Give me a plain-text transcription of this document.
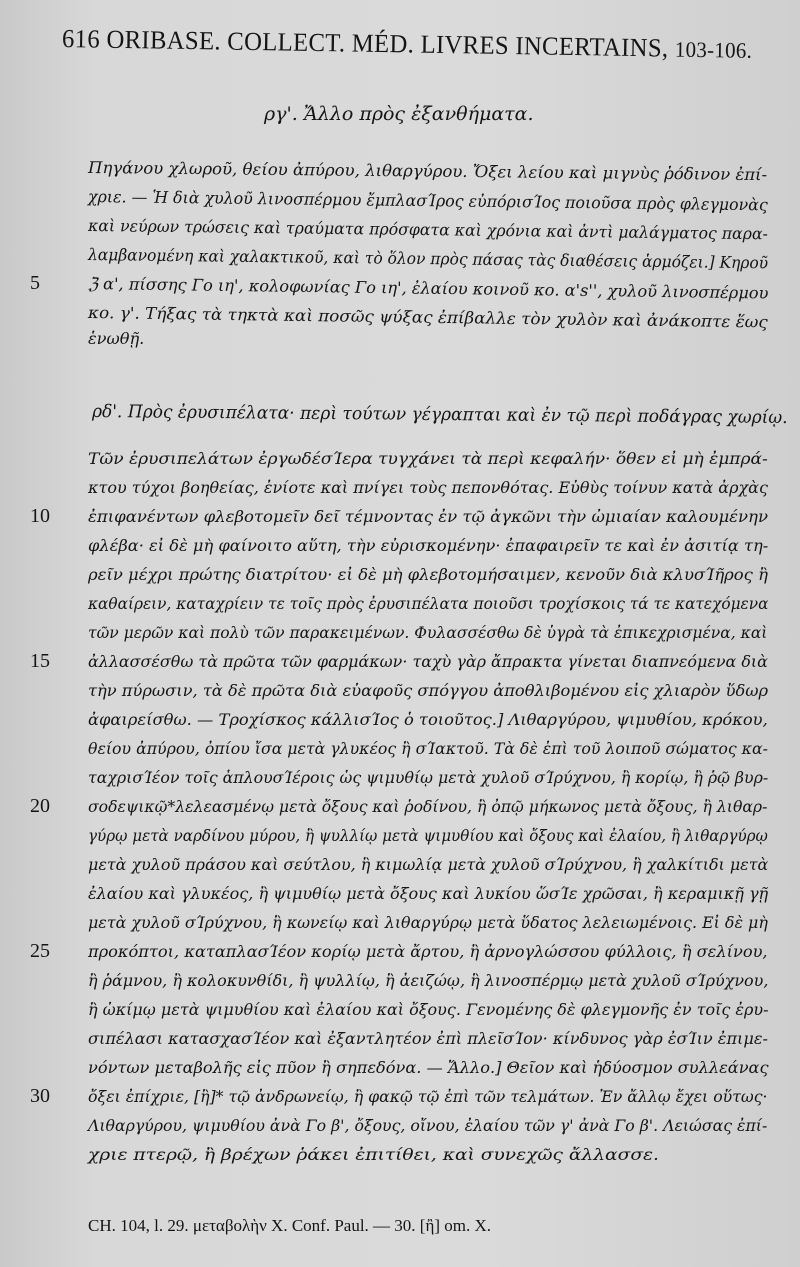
616 ORIBASE. COLLECT. MÉD. LIVRES INCERTAINS, 103-106.
ργ'. Ἄλλο πρὸς ἐξανθήματα.
Πηγάνου χλωροῦ, θείου ἀπύρου, λιθαργύρου. Ὄξει λείου καὶ μιγνὺς ῥόδινον ἐπί-
χριε. — Ἡ διὰ χυλοῦ λινοσπέρμου ἔμπλασΊρος εὐπόρισΊος ποιοῦσα πρὸς φλεγμονὰς
καὶ νεύρων τρώσεις καὶ τραύματα πρόσφατα καὶ χρόνια καὶ ἀντὶ μαλάγματος παρα-
λαμβανομένη καὶ χαλακτικοῦ, καὶ τὸ ὅλον πρὸς πάσας τὰς διαθέσεις ἁρμόζει.] Κηροῦ
ℨ α', πίσσης Γο ιη', κολοφωνίας Γο ιη', ἐλαίου κοινοῦ κο. α's'', χυλοῦ λινοσπέρμου
κο. γ'. Τήξας τὰ τηκτὰ καὶ ποσῶς ψύξας ἐπίβαλλε τὸν χυλὸν καὶ ἀνάκοπτε ἕως
ἑνωθῇ.
ρδ'. Πρὸς ἐρυσιπέλατα· περὶ τούτων γέγραπται καὶ ἐν τῷ περὶ ποδάγρας χωρίῳ.
Τῶν ἐρυσιπελάτων ἐργωδέσΊερα τυγχάνει τὰ περὶ κεφαλήν· ὅθεν εἰ μὴ ἐμπρά-
κτου τύχοι βοηθείας, ἐνίοτε καὶ πνίγει τοὺς πεπονθότας. Εὐθὺς τοίνυν κατὰ ἀρχὰς
ἐπιφανέντων φλεβοτομεῖν δεῖ τέμνοντας ἐν τῷ ἀγκῶνι τὴν ὠμιαίαν καλουμένην
φλέβα· εἰ δὲ μὴ φαίνοιτο αὕτη, τὴν εὐρισκομένην· ἐπαφαιρεῖν τε καὶ ἐν ἀσιτίᾳ τη-
ρεῖν μέχρι πρώτης διατρίτου· εἰ δὲ μὴ φλεβοτομήσαιμεν, κενοῦν διὰ κλυσΊῆρος ἢ
καθαίρειν, καταχρίειν τε τοῖς πρὸς ἐρυσιπέλατα ποιοῦσι τροχίσκοις τά τε κατεχόμενα
τῶν μερῶν καὶ πολὺ τῶν παρακειμένων. Φυλασσέσθω δὲ ὑγρὰ τὰ ἐπικεχρισμένα, καὶ
ἀλλασσέσθω τὰ πρῶτα τῶν φαρμάκων· ταχὺ γὰρ ἄπρακτα γίνεται διαπνεόμενα διὰ
τὴν πύρωσιν, τὰ δὲ πρῶτα διὰ εὐαφοῦς σπόγγου ἀποθλιβομένου εἰς χλιαρὸν ὕδωρ
ἀφαιρείσθω. — Τροχίσκος κάλλισΊος ὁ τοιοῦτος.] Λιθαργύρου, ψιμυθίου, κρόκου,
θείου ἀπύρου, ὀπίου ἴσα μετὰ γλυκέος ἢ σΊακτοῦ. Τὰ δὲ ἐπὶ τοῦ λοιποῦ σώματος κα-
ταχρισΊέον τοῖς ἁπλουσΊέροις ὡς ψιμυθίῳ μετὰ χυλοῦ σΊρύχνου, ἢ κορίῳ, ἢ ῥῷ βυρ-
σοδεψικῷ*λελεασμένῳ μετὰ ὄξους καὶ ῥοδίνου, ἢ ὀπῷ μήκωνος μετὰ ὄξους, ἢ λιθαρ-
γύρῳ μετὰ ναρδίνου μύρου, ἢ ψυλλίῳ μετὰ ψιμυθίου καὶ ὄξους καὶ ἐλαίου, ἢ λιθαργύρῳ
μετὰ χυλοῦ πράσου καὶ σεύτλου, ἢ κιμωλίᾳ μετὰ χυλοῦ σΊρύχνου, ἢ χαλκίτιδι μετὰ
ἐλαίου καὶ γλυκέος, ἢ ψιμυθίῳ μετὰ ὄξους καὶ λυκίου ὥσΊε χρῶσαι, ἢ κεραμικῇ γῇ
μετὰ χυλοῦ σΊρύχνου, ἢ κωνείῳ καὶ λιθαργύρῳ μετὰ ὕδατος λελειωμένοις. Εἰ δὲ μὴ
προκόπτοι, καταπλασΊέον κορίῳ μετὰ ἄρτου, ἢ ἀρνογλώσσου φύλλοις, ἢ σελίνου,
ἢ ῥάμνου, ἢ κολοκυνθίδι, ἢ ψυλλίῳ, ἢ ἀειζώῳ, ἢ λινοσπέρμῳ μετὰ χυλοῦ σΊρύχνου,
ἢ ὠκίμῳ μετὰ ψιμυθίου καὶ ἐλαίου καὶ ὄξους. Γενομένης δὲ φλεγμονῆς ἐν τοῖς ἐρυ-
σιπέλασι κατασχασΊέον καὶ ἐξαντλητέον ἐπὶ πλεῖσΊον· κίνδυνος γὰρ ἐσΊιν ἐπιμε-
νόντων μεταβολῆς εἰς πῦον ἢ σηπεδόνα. — Ἄλλο.] Θεῖον καὶ ἡδύοσμον συλλεάνας
ὄξει ἐπίχριε, [ἢ]* τῷ ἀνδρωνείῳ, ἢ φακῷ τῷ ἐπὶ τῶν τελμάτων. Ἐν ἄλλῳ ἔχει οὕτως·
Λιθαργύρου, ψιμυθίου ἀνὰ Γο β', ὄξους, οἴνου, ἐλαίου τῶν γ' ἀνὰ Γο β'. Λειώσας ἐπί-
χριε πτερῷ, ἢ βρέχων ῥάκει ἐπιτίθει, καὶ συνεχῶς ἄλλασσε.
5
10
15
20
25
30
CH. 104, l. 29. μεταβολὴν X. Conf. Paul. — 30. [ἢ] om. X.
